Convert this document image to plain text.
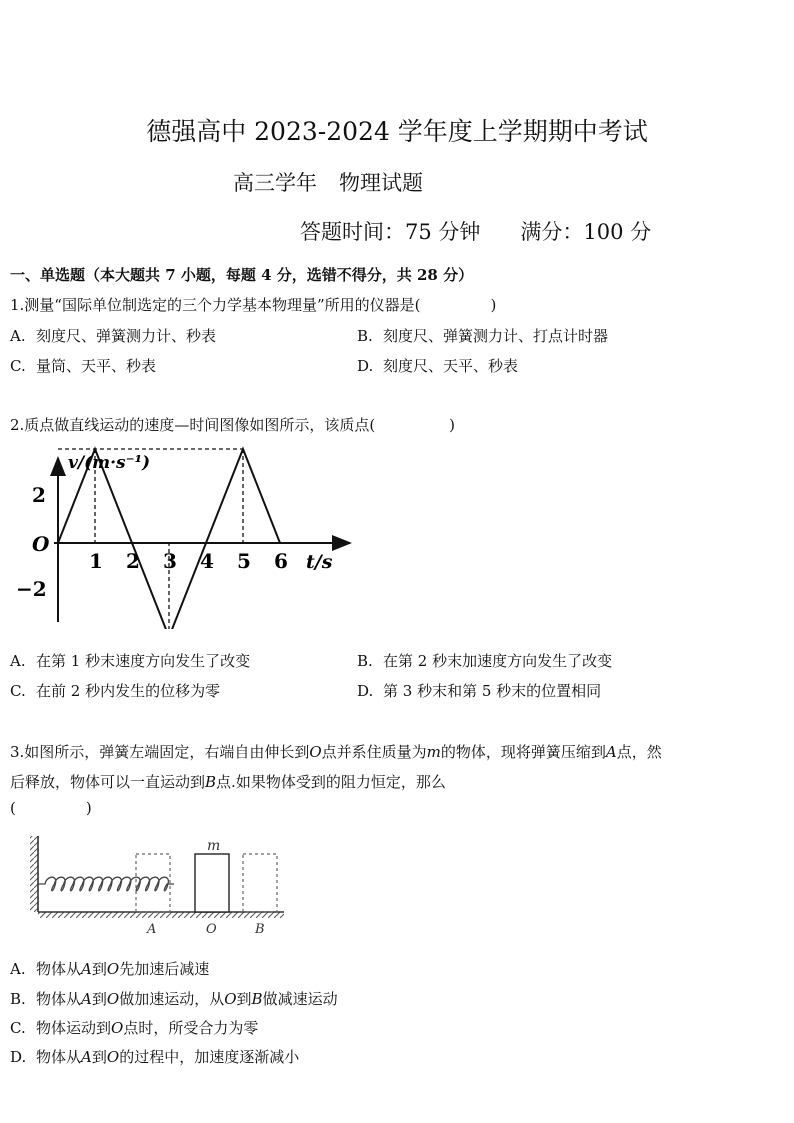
德强高中 2023-2024 学年度上学期期中考试
高三学年 物理试题
答题时间：75 分钟 满分：100 分
一、单选题（本大题共 7 小题，每题 4 分，选错不得分，共 28 分）
1.测量“国际单位制选定的三个力学基本物理量”所用的仪器是(	)
A. 刻度尺、弹簧测力计、秒表	B. 刻度尺、弹簧测力计、打点计时器
C. 量筒、天平、秒表	D. 刻度尺、天平、秒表
2.质点做直线运动的速度—时间图像如图所示，该质点(	)
1 2 3 4 5 6
2
−2
O
v/(m·s⁻¹)
t/s
A. 在第 1 秒末速度方向发生了改变	B. 在第 2 秒末加速度方向发生了改变
C. 在前 2 秒内发生的位移为零	D. 第 3 秒末和第 5 秒末的位置相同
3.如图所示，弹簧左端固定，右端自由伸长到O点并系住质量为m的物体，现将弹簧压缩到A点，然
后释放，物体可以一直运动到B点.如果物体受到的阻力恒定，那么
(	)
m
A	O	B
A. 物体从A到O先加速后减速
B. 物体从A到O做加速运动，从O到B做减速运动
C. 物体运动到O点时，所受合力为零
D. 物体从A到O的过程中，加速度逐渐减小
